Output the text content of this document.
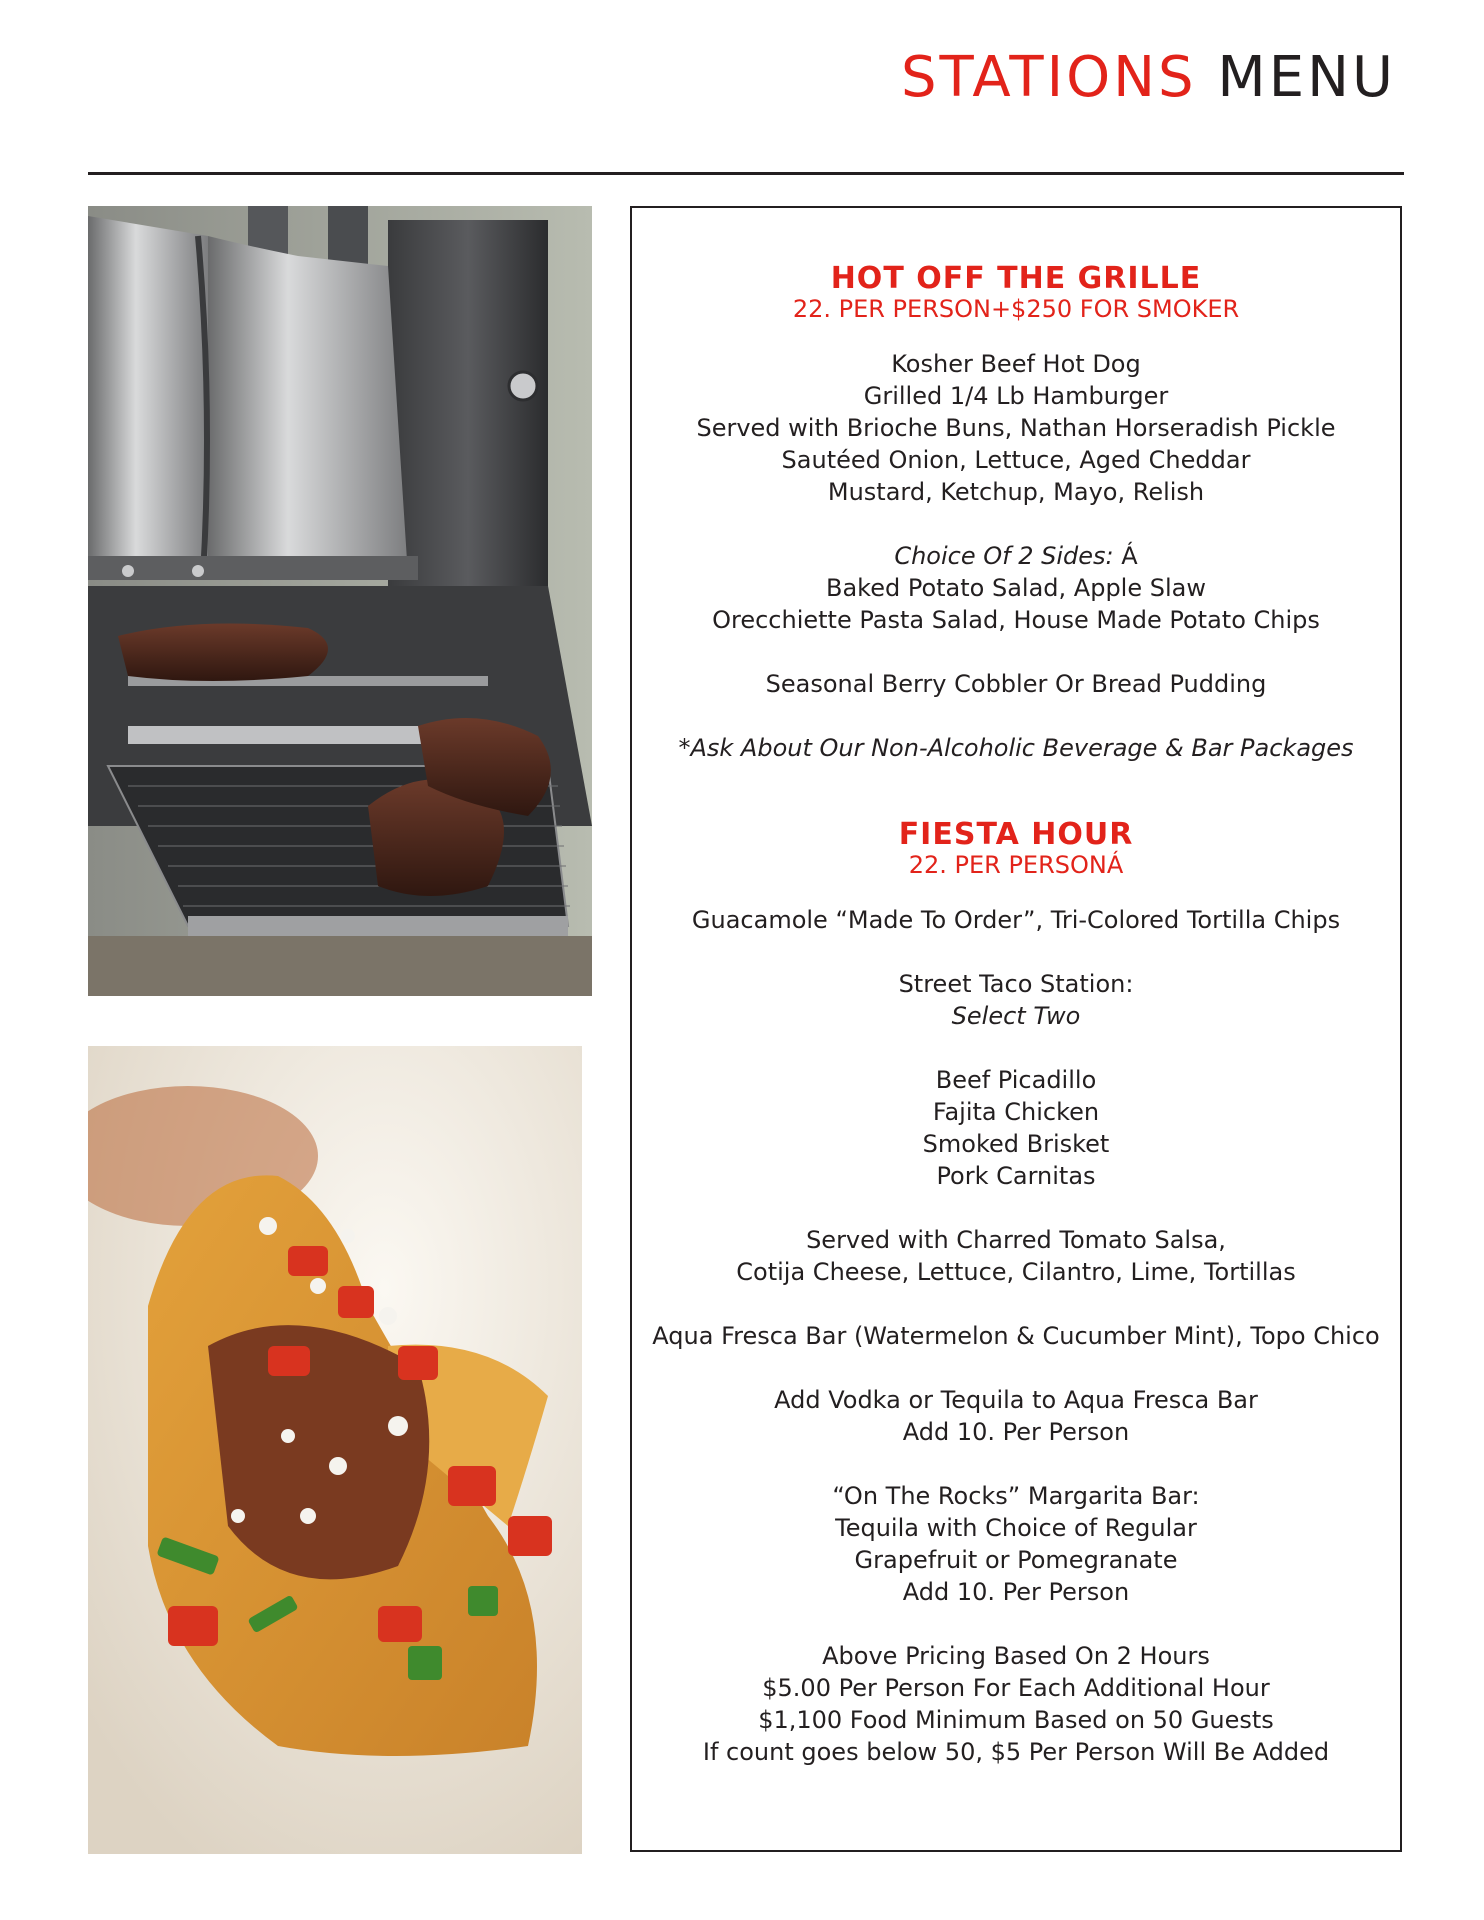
STATIONS MENU

HOT OFF THE GRILLE

22. PER PERSON+$250 FOR SMOKER

Kosher Beef Hot Dog

Grilled 1/4 Lb Hamburger

Served with Brioche Buns, Nathan Horseradish Pickle

Sautéed Onion, Lettuce, Aged Cheddar

Mustard, Ketchup, Mayo, Relish

Choice Of 2 Sides: Á

Baked Potato Salad, Apple Slaw

Orecchiette Pasta Salad, House Made Potato Chips

Seasonal Berry Cobbler Or Bread Pudding

*Ask About Our Non-Alcoholic Beverage & Bar Packages

FIESTA HOUR

22. PER PERSONÁ

Guacamole “Made To Order”, Tri-Colored Tortilla Chips

Street Taco Station:

Select Two

Beef Picadillo

Fajita Chicken

Smoked Brisket

Pork Carnitas

Served with Charred Tomato Salsa,

Cotija Cheese, Lettuce, Cilantro, Lime, Tortillas

Aqua Fresca Bar (Watermelon & Cucumber Mint), Topo Chico

Add Vodka or Tequila to Aqua Fresca Bar

Add 10. Per Person

“On The Rocks” Margarita Bar:

Tequila with Choice of Regular

Grapefruit or Pomegranate

Add 10. Per Person

Above Pricing Based On 2 Hours

$5.00 Per Person For Each Additional Hour

$1,100 Food Minimum Based on 50 Guests

If count goes below 50, $5 Per Person Will Be Added
